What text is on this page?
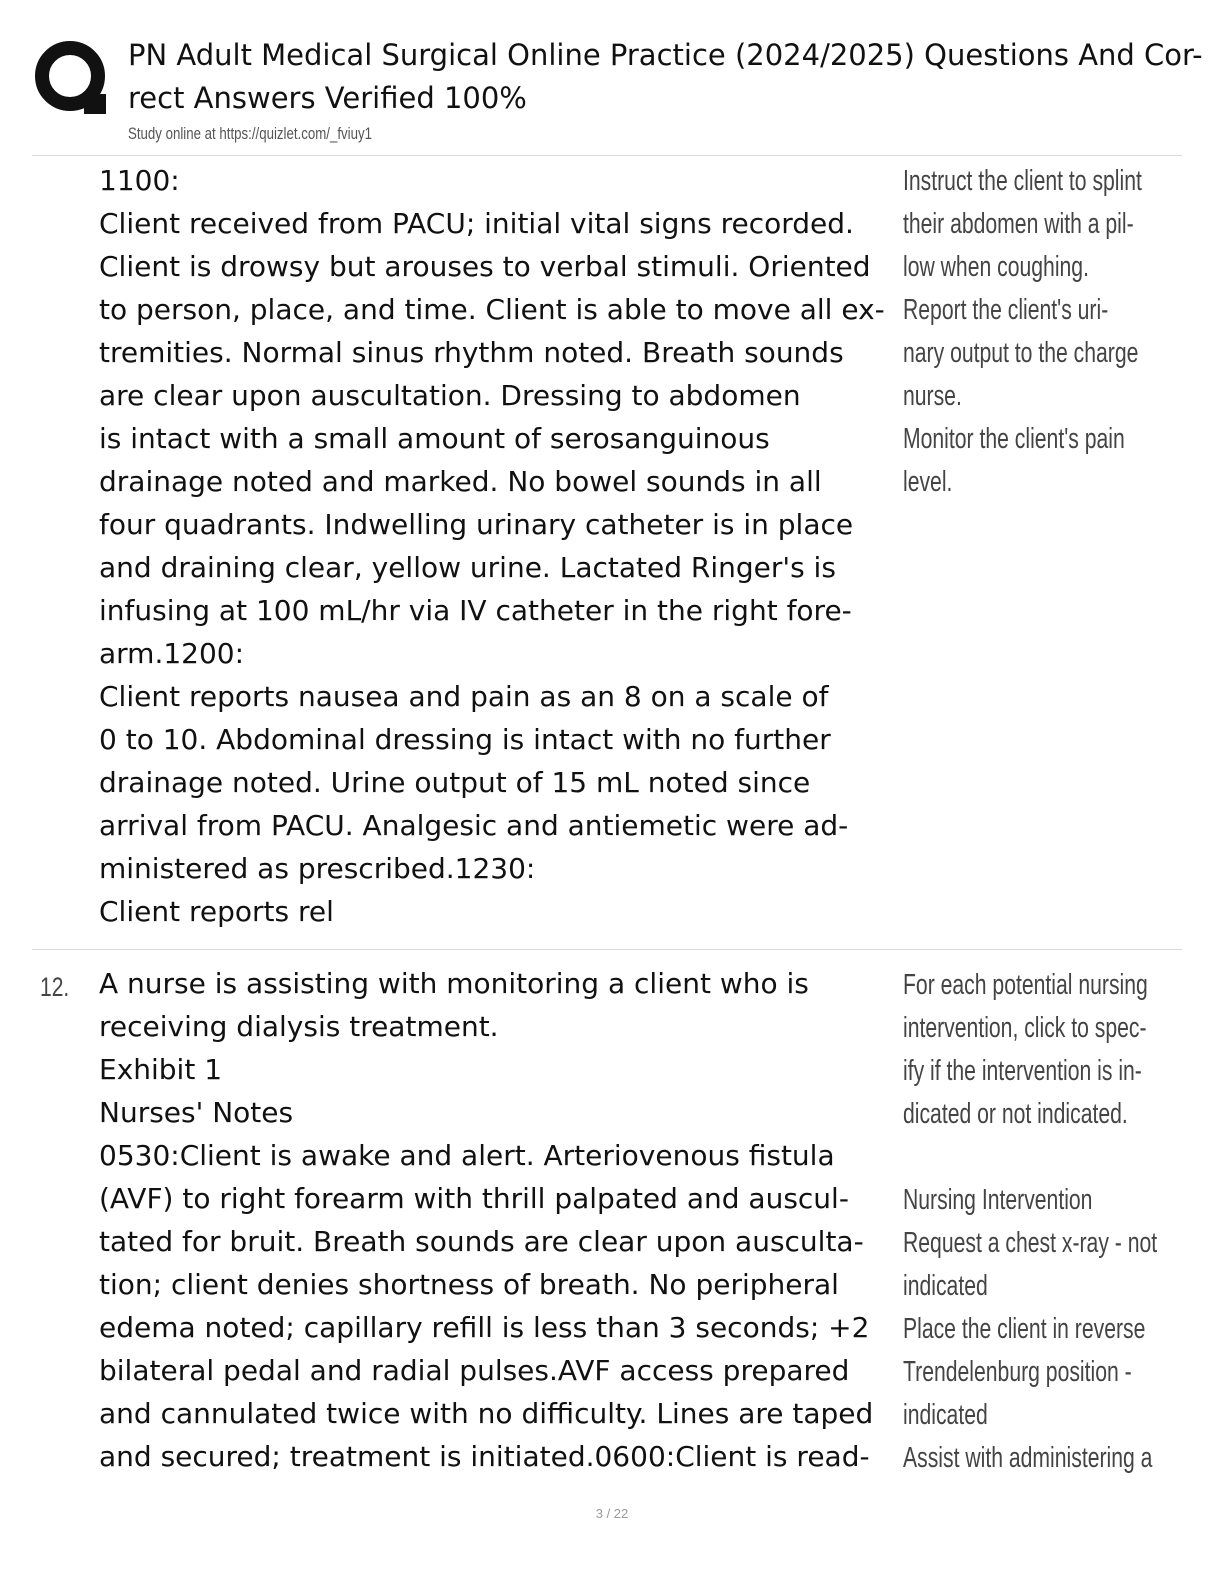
PN Adult Medical Surgical Online Practice (2024/2025) Questions And Cor-
rect Answers Verified 100%
Study online at https://quizlet.com/_fviuy1
1100:
Client received from PACU; initial vital signs recorded.
Client is drowsy but arouses to verbal stimuli. Oriented
to person, place, and time. Client is able to move all ex-
tremities. Normal sinus rhythm noted. Breath sounds
are clear upon auscultation. Dressing to abdomen
is intact with a small amount of serosanguinous
drainage noted and marked. No bowel sounds in all
four quadrants. Indwelling urinary catheter is in place
and draining clear, yellow urine. Lactated Ringer's is
infusing at 100 mL/hr via IV catheter in the right fore-
arm.1200:
Client reports nausea and pain as an 8 on a scale of
0 to 10. Abdominal dressing is intact with no further
drainage noted. Urine output of 15 mL noted since
arrival from PACU. Analgesic and antiemetic were ad-
ministered as prescribed.1230:
Client reports rel
Instruct the client to splint
their abdomen with a pil-
low when coughing.
Report the client's uri-
nary output to the charge
nurse.
Monitor the client's pain
level.
12. A nurse is assisting with monitoring a client who is
receiving dialysis treatment.
Exhibit 1
Nurses' Notes
0530:Client is awake and alert. Arteriovenous fistula
(AVF) to right forearm with thrill palpated and auscul-
tated for bruit. Breath sounds are clear upon ausculta-
tion; client denies shortness of breath. No peripheral
edema noted; capillary refill is less than 3 seconds; +2
bilateral pedal and radial pulses.AVF access prepared
and cannulated twice with no difficulty. Lines are taped
and secured; treatment is initiated.0600:Client is read-
For each potential nursing
intervention, click to spec-
ify if the intervention is in-
dicated or not indicated.
Nursing Intervention
Request a chest x-ray - not
indicated
Place the client in reverse
Trendelenburg position -
indicated
Assist with administering a
3 / 22
